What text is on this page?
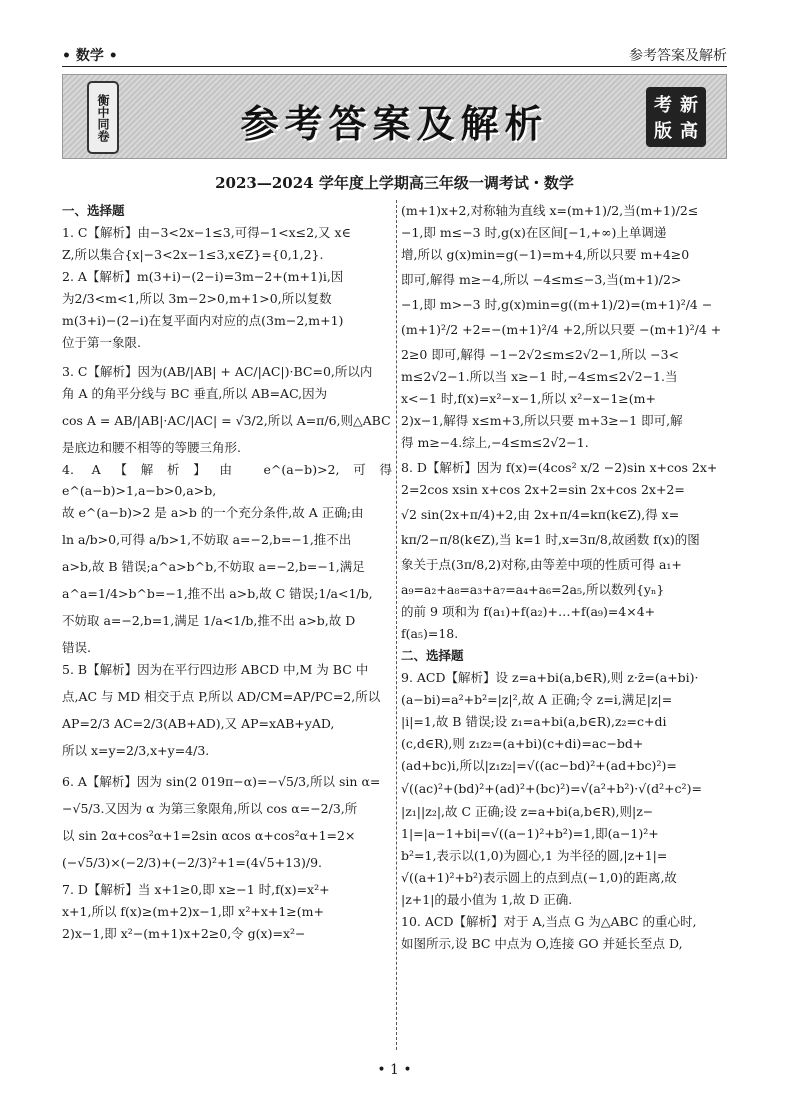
• 数学 •	参考答案及解析
衡中同卷	参考答案及解析	考 新
版 高
2023—2024 学年度上学期高三年级一调考试・数学
一、选择题
1. C【解析】由−3<2x−1≤3,可得−1<x≤2,又 x∈
Z,所以集合{x|−3<2x−1≤3,x∈Z}={0,1,2}.
2. A【解析】m(3+i)−(2−i)=3m−2+(m+1)i,因
为2/3<m<1,所以 3m−2>0,m+1>0,所以复数
m(3+i)−(2−i)在复平面内对应的点(3m−2,m+1)
位于第一象限.
3. C【解析】因为(AB/|AB| + AC/|AC|)·BC=0,所以内
角 A 的角平分线与 BC 垂直,所以 AB=AC,因为
cos A = AB/|AB|·AC/|AC| = √3/2,所以 A=π/6,则△ABC
是底边和腰不相等的等腰三角形.
4. A【解析】由 e^(a−b)>2,可得 e^(a−b)>1,a−b>0,a>b,
故 e^(a−b)>2 是 a>b 的一个充分条件,故 A 正确;由
ln a/b>0,可得 a/b>1,不妨取 a=−2,b=−1,推不出
a>b,故 B 错误;a^a>b^b,不妨取 a=−2,b=−1,满足
a^a=1/4>b^b=−1,推不出 a>b,故 C 错误;1/a<1/b,
不妨取 a=−2,b=1,满足 1/a<1/b,推不出 a>b,故 D
错误.
5. B【解析】因为在平行四边形 ABCD 中,M 为 BC 中
点,AC 与 MD 相交于点 P,所以 AD/CM=AP/PC=2,所以
AP=2/3 AC=2/3(AB+AD),又 AP=xAB+yAD,
所以 x=y=2/3,x+y=4/3.
6. A【解析】因为 sin(2 019π−α)=−√5/3,所以 sin α=
−√5/3.又因为 α 为第三象限角,所以 cos α=−2/3,所
以 sin 2α+cos²α+1=2sin αcos α+cos²α+1=2×
(−√5/3)×(−2/3)+(−2/3)²+1=(4√5+13)/9.
7. D【解析】当 x+1≥0,即 x≥−1 时,f(x)=x²+
x+1,所以 f(x)≥(m+2)x−1,即 x²+x+1≥(m+
2)x−1,即 x²−(m+1)x+2≥0,令 g(x)=x²−
(m+1)x+2,对称轴为直线 x=(m+1)/2,当(m+1)/2≤
−1,即 m≤−3 时,g(x)在区间[−1,+∞)上单调递
增,所以 g(x)min=g(−1)=m+4,所以只要 m+4≥0
即可,解得 m≥−4,所以 −4≤m≤−3,当(m+1)/2>
−1,即 m>−3 时,g(x)min=g((m+1)/2)=(m+1)²/4 −
(m+1)²/2 +2=−(m+1)²/4 +2,所以只要 −(m+1)²/4 +
2≥0 即可,解得 −1−2√2≤m≤2√2−1,所以 −3<
m≤2√2−1.所以当 x≥−1 时,−4≤m≤2√2−1.当
x<−1 时,f(x)=x²−x−1,所以 x²−x−1≥(m+
2)x−1,解得 x≤m+3,所以只要 m+3≥−1 即可,解
得 m≥−4.综上,−4≤m≤2√2−1.
8. D【解析】因为 f(x)=(4cos² x/2 −2)sin x+cos 2x+
2=2cos xsin x+cos 2x+2=sin 2x+cos 2x+2=
√2 sin(2x+π/4)+2,由 2x+π/4=kπ(k∈Z),得 x=
kπ/2−π/8(k∈Z),当 k=1 时,x=3π/8,故函数 f(x)的图
象关于点(3π/8,2)对称,由等差中项的性质可得 a₁+
a₉=a₂+a₈=a₃+a₇=a₄+a₆=2a₅,所以数列{yₙ}
的前 9 项和为 f(a₁)+f(a₂)+…+f(a₉)=4×4+
f(a₅)=18.
二、选择题
9. ACD【解析】设 z=a+bi(a,b∈R),则 z·z̄=(a+bi)·
(a−bi)=a²+b²=|z|²,故 A 正确;令 z=i,满足|z|=
|i|=1,故 B 错误;设 z₁=a+bi(a,b∈R),z₂=c+di
(c,d∈R),则 z₁z₂=(a+bi)(c+di)=ac−bd+
(ad+bc)i,所以|z₁z₂|=√((ac−bd)²+(ad+bc)²)=
√((ac)²+(bd)²+(ad)²+(bc)²)=√(a²+b²)·√(d²+c²)=
|z₁||z₂|,故 C 正确;设 z=a+bi(a,b∈R),则|z−
1|=|a−1+bi|=√((a−1)²+b²)=1,即(a−1)²+
b²=1,表示以(1,0)为圆心,1 为半径的圆,|z+1|=
√((a+1)²+b²)表示圆上的点到点(−1,0)的距离,故
|z+1|的最小值为 1,故 D 正确.
10. ACD【解析】对于 A,当点 G 为△ABC 的重心时,
如图所示,设 BC 中点为 O,连接 GO 并延长至点 D,
• 1 •
